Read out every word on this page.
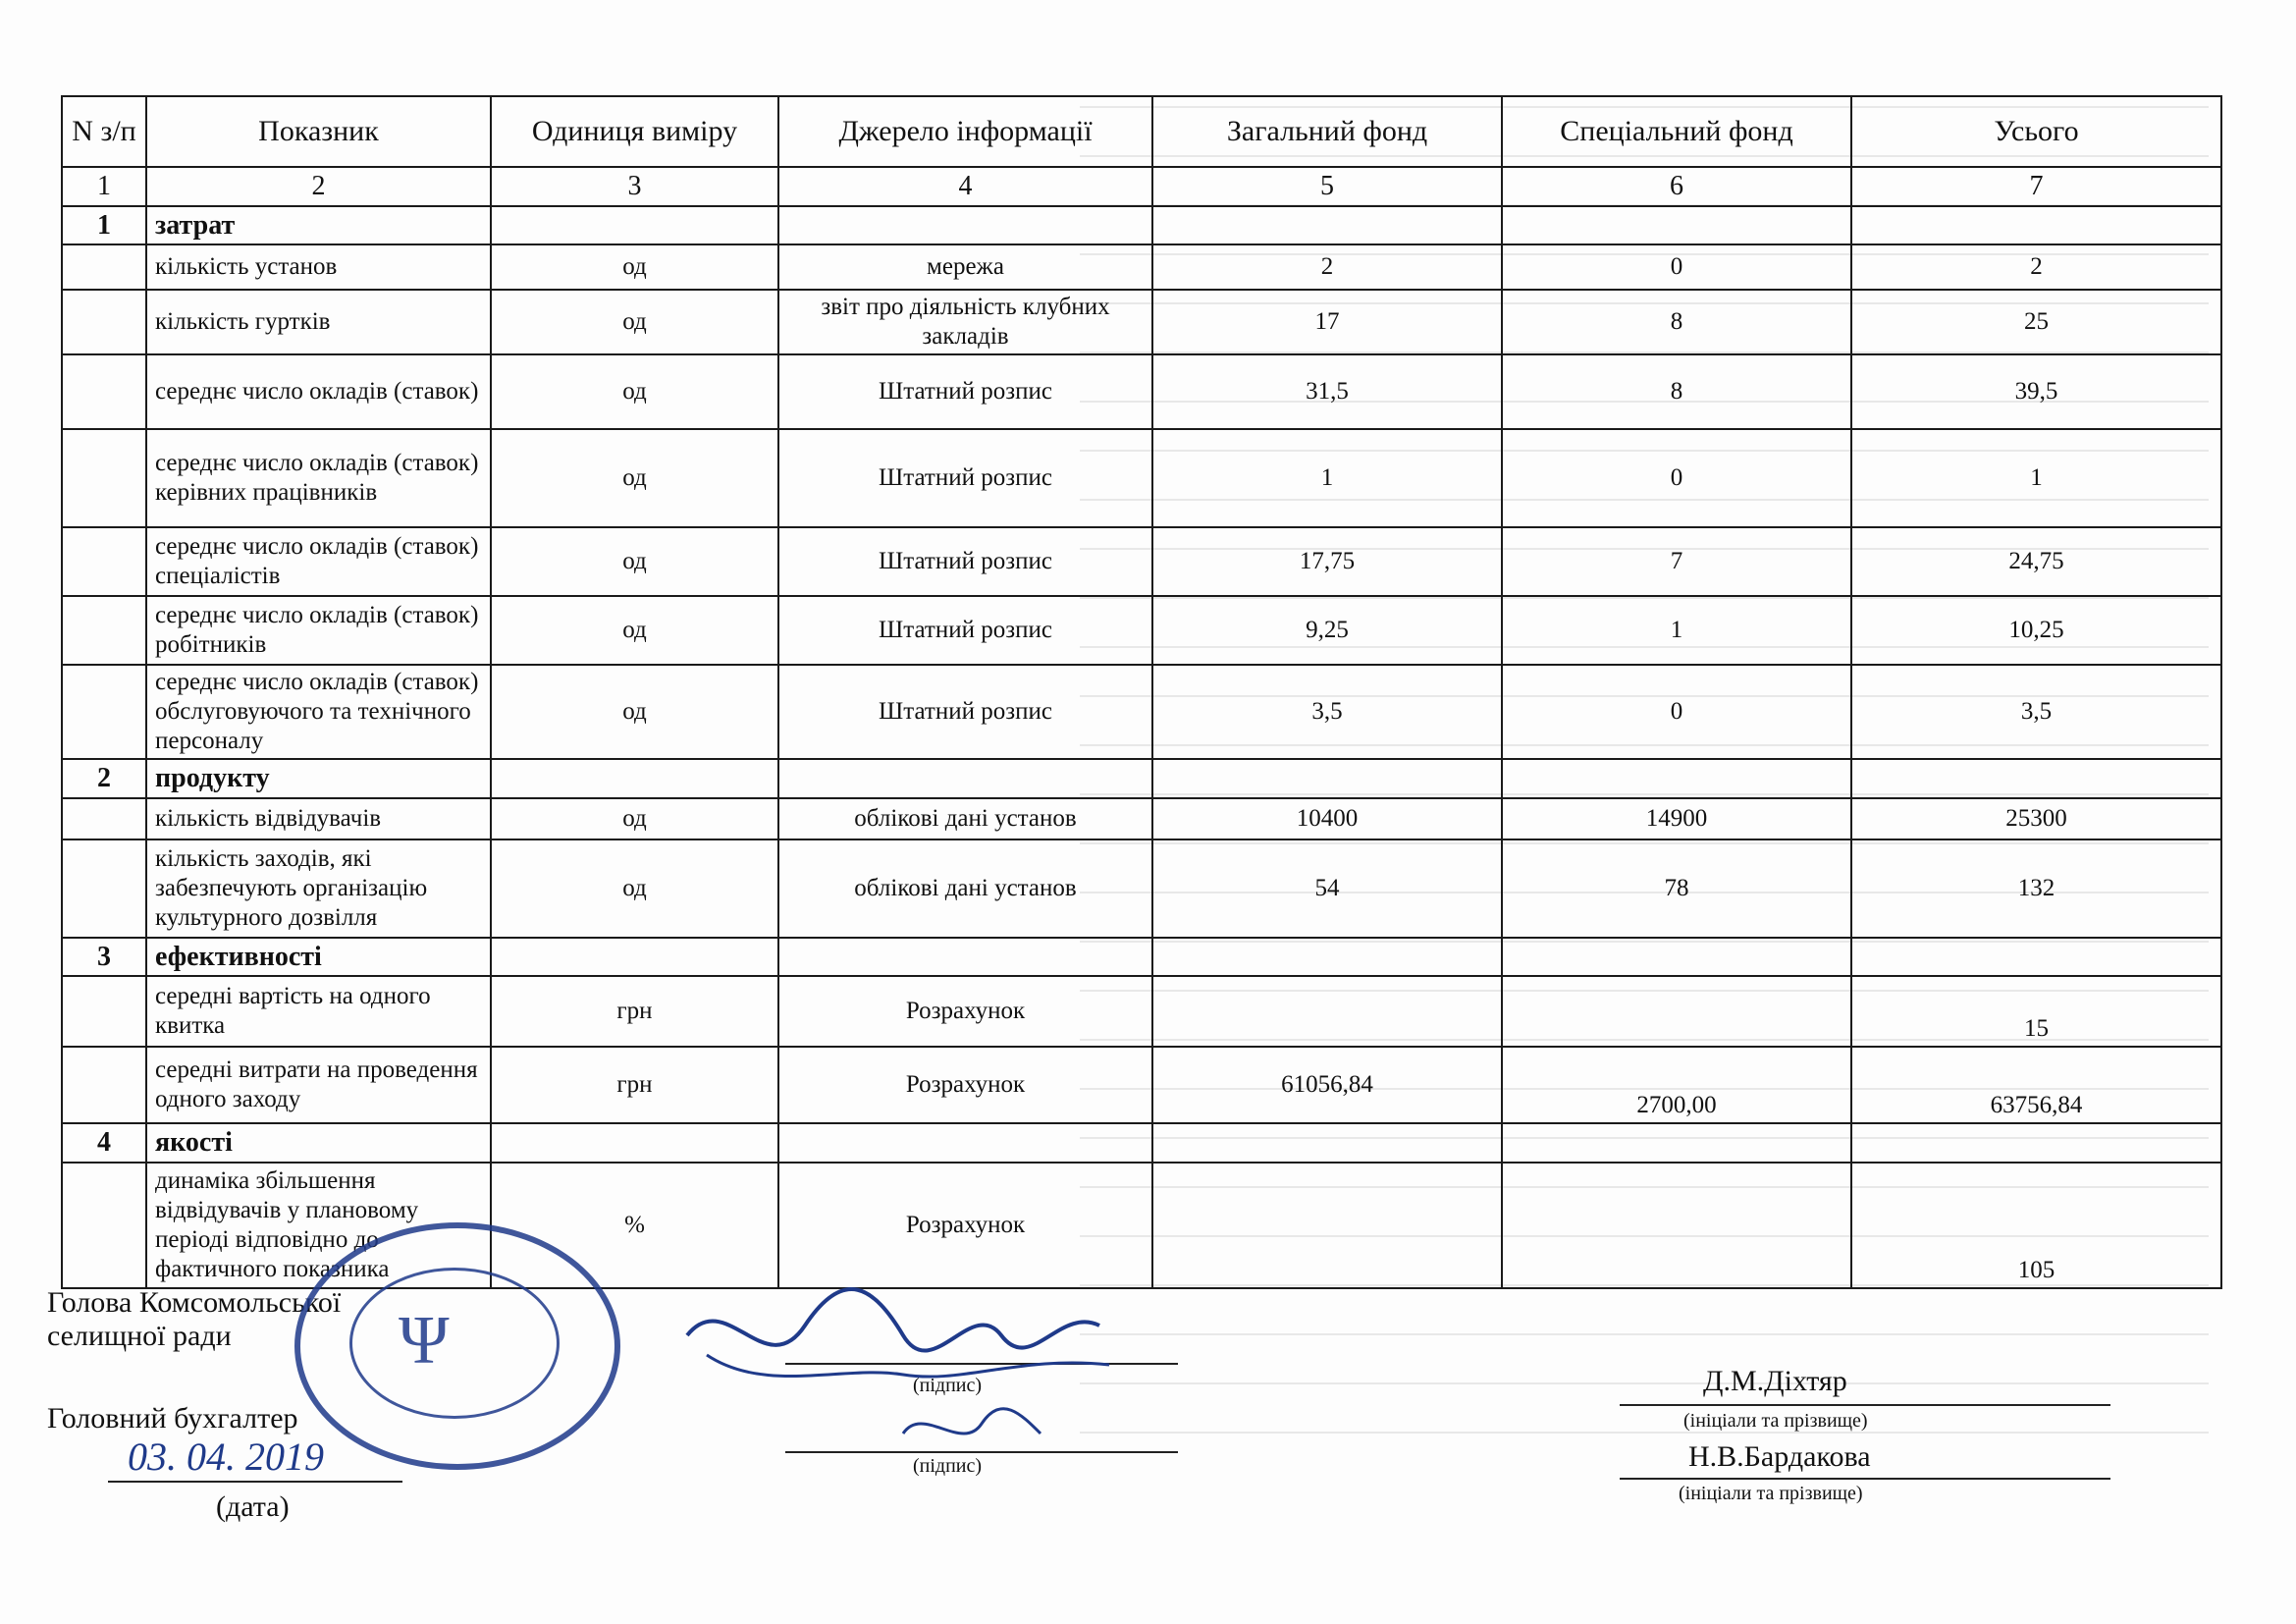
N з/п	Показник	Одиниця виміру	Джерело інформації	Загальний фонд	Спеціальний фонд	Усього
1	2	3	4	5	6	7
1	затрат					
	кількість установ	од	мережа	2	0	2
	кількість гуртків	од	звіт про діяльність клубних закладів	17	8	25
	середнє число окладів (ставок)	од	Штатний розпис	31,5	8	39,5
	середнє число окладів (ставок) керівних працівників	од	Штатний розпис	1	0	1
	середнє число окладів (ставок) спеціалістів	од	Штатний розпис	17,75	7	24,75
	середнє число окладів (ставок) робітників	од	Штатний розпис	9,25	1	10,25
	середнє число окладів (ставок) обслуговуючого та технічного персоналу	од	Штатний розпис	3,5	0	3,5
2	продукту					
	кількість відвідувачів	од	облікові дані установ	10400	14900	25300
	кількість заходів, які забезпечують організацію культурного дозвілля	од	облікові дані установ	54	78	132
3	ефективності					
	середні вартість на одного квитка	грн	Розрахунок			15
	середні витрати на проведення одного заходу	грн	Розрахунок	61056,84	2700,00	63756,84
4	якості					
	динаміка збільшення відвідувачів у плановому періоді відповідно до фактичного показника	%	Розрахунок			105
Голова Комсомольської
селищної ради
(підпис)	Д.М.Діхтяр
(ініціали та прізвище)
Головний бухгалтер
(підпис)	Н.В.Бардакова
(ініціали та прізвище)
03. 04. 2019
(дата)
Ψ
